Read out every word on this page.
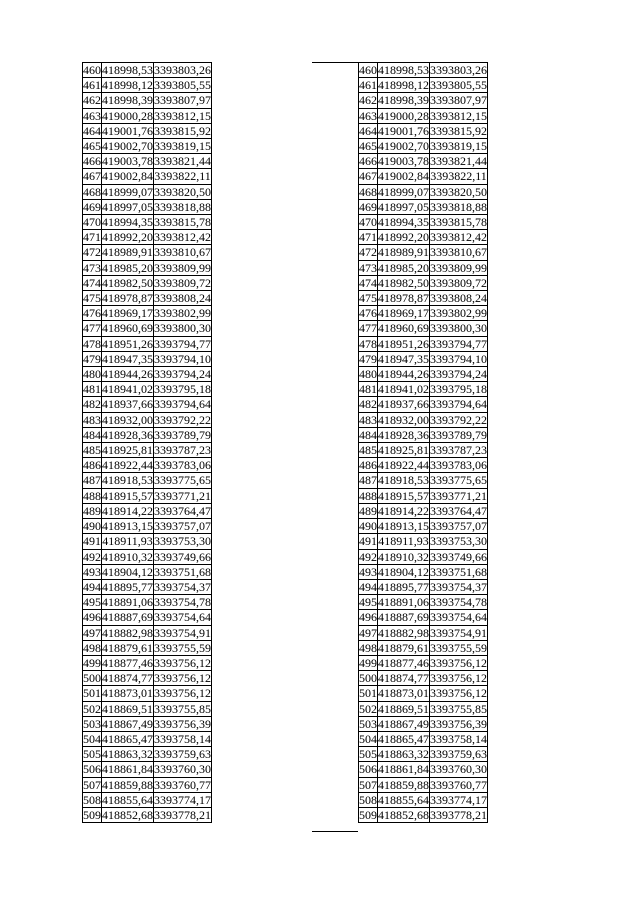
460	418998,53	3393803,26
461	418998,12	3393805,55
462	418998,39	3393807,97
463	419000,28	3393812,15
464	419001,76	3393815,92
465	419002,70	3393819,15
466	419003,78	3393821,44
467	419002,84	3393822,11
468	418999,07	3393820,50
469	418997,05	3393818,88
470	418994,35	3393815,78
471	418992,20	3393812,42
472	418989,91	3393810,67
473	418985,20	3393809,99
474	418982,50	3393809,72
475	418978,87	3393808,24
476	418969,17	3393802,99
477	418960,69	3393800,30
478	418951,26	3393794,77
479	418947,35	3393794,10
480	418944,26	3393794,24
481	418941,02	3393795,18
482	418937,66	3393794,64
483	418932,00	3393792,22
484	418928,36	3393789,79
485	418925,81	3393787,23
486	418922,44	3393783,06
487	418918,53	3393775,65
488	418915,57	3393771,21
489	418914,22	3393764,47
490	418913,15	3393757,07
491	418911,93	3393753,30
492	418910,32	3393749,66
493	418904,12	3393751,68
494	418895,77	3393754,37
495	418891,06	3393754,78
496	418887,69	3393754,64
497	418882,98	3393754,91
498	418879,61	3393755,59
499	418877,46	3393756,12
500	418874,77	3393756,12
501	418873,01	3393756,12
502	418869,51	3393755,85
503	418867,49	3393756,39
504	418865,47	3393758,14
505	418863,32	3393759,63
506	418861,84	3393760,30
507	418859,88	3393760,77
508	418855,64	3393774,17
509	418852,68	3393778,21
460	418998,53	3393803,26
461	418998,12	3393805,55
462	418998,39	3393807,97
463	419000,28	3393812,15
464	419001,76	3393815,92
465	419002,70	3393819,15
466	419003,78	3393821,44
467	419002,84	3393822,11
468	418999,07	3393820,50
469	418997,05	3393818,88
470	418994,35	3393815,78
471	418992,20	3393812,42
472	418989,91	3393810,67
473	418985,20	3393809,99
474	418982,50	3393809,72
475	418978,87	3393808,24
476	418969,17	3393802,99
477	418960,69	3393800,30
478	418951,26	3393794,77
479	418947,35	3393794,10
480	418944,26	3393794,24
481	418941,02	3393795,18
482	418937,66	3393794,64
483	418932,00	3393792,22
484	418928,36	3393789,79
485	418925,81	3393787,23
486	418922,44	3393783,06
487	418918,53	3393775,65
488	418915,57	3393771,21
489	418914,22	3393764,47
490	418913,15	3393757,07
491	418911,93	3393753,30
492	418910,32	3393749,66
493	418904,12	3393751,68
494	418895,77	3393754,37
495	418891,06	3393754,78
496	418887,69	3393754,64
497	418882,98	3393754,91
498	418879,61	3393755,59
499	418877,46	3393756,12
500	418874,77	3393756,12
501	418873,01	3393756,12
502	418869,51	3393755,85
503	418867,49	3393756,39
504	418865,47	3393758,14
505	418863,32	3393759,63
506	418861,84	3393760,30
507	418859,88	3393760,77
508	418855,64	3393774,17
509	418852,68	3393778,21
